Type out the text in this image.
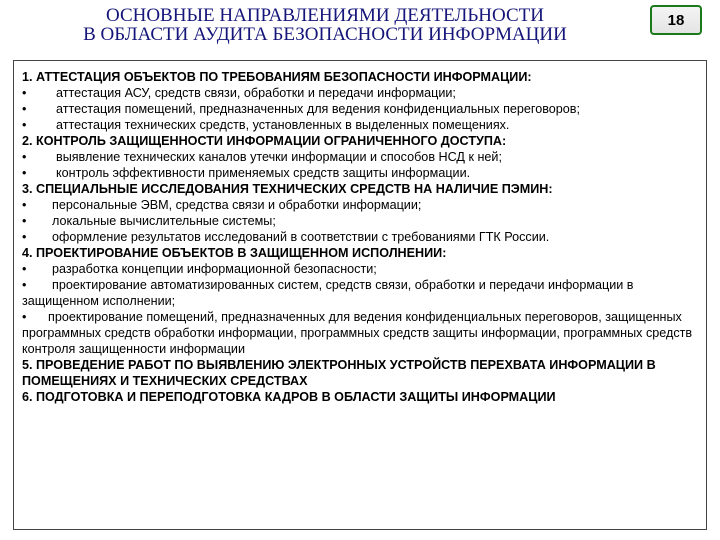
ОСНОВНЫЕ НАПРАВЛЕНИЯМИ ДЕЯТЕЛЬНОСТИ
В ОБЛАСТИ АУДИТА БЕЗОПАСНОСТИ ИНФОРМАЦИИ
18
1. АТТЕСТАЦИЯ ОБЪЕКТОВ ПО ТРЕБОВАНИЯМ БЕЗОПАСНОСТИ ИНФОРМАЦИИ:
• аттестация АСУ, средств связи, обработки и передачи информации;
• аттестация помещений, предназначенных для ведения конфиденциальных переговоров;
• аттестация технических средств, установленных в выделенных помещениях.
2. КОНТРОЛЬ ЗАЩИЩЕННОСТИ ИНФОРМАЦИИ ОГРАНИЧЕННОГО ДОСТУПА:
• выявление технических каналов утечки информации и способов НСД к ней;
• контроль эффективности применяемых средств защиты информации.
3. СПЕЦИАЛЬНЫЕ ИССЛЕДОВАНИЯ ТЕХНИЧЕСКИХ СРЕДСТВ НА НАЛИЧИЕ ПЭМИН:
• персональные ЭВМ, средства связи и обработки информации;
• локальные вычислительные системы;
• оформление результатов исследований в соответствии с требованиями ГТК России.
4. ПРОЕКТИРОВАНИЕ ОБЪЕКТОВ В ЗАЩИЩЕННОМ ИСПОЛНЕНИИ:
• разработка концепции информационной безопасности;
• проектирование автоматизированных систем, средств связи, обработки и передачи информации в защищенном исполнении;
• проектирование помещений, предназначенных для ведения конфиденциальных переговоров, защищенных программных средств обработки информации, программных средств защиты информации, программных средств контроля защищенности информации
5. ПРОВЕДЕНИЕ РАБОТ ПО ВЫЯВЛЕНИЮ ЭЛЕКТРОННЫХ УСТРОЙСТВ ПЕРЕХВАТА ИНФОРМАЦИИ В ПОМЕЩЕНИЯХ И ТЕХНИЧЕСКИХ СРЕДСТВАХ
6. ПОДГОТОВКА И ПЕРЕПОДГОТОВКА КАДРОВ В ОБЛАСТИ ЗАЩИТЫ ИНФОРМАЦИИ
